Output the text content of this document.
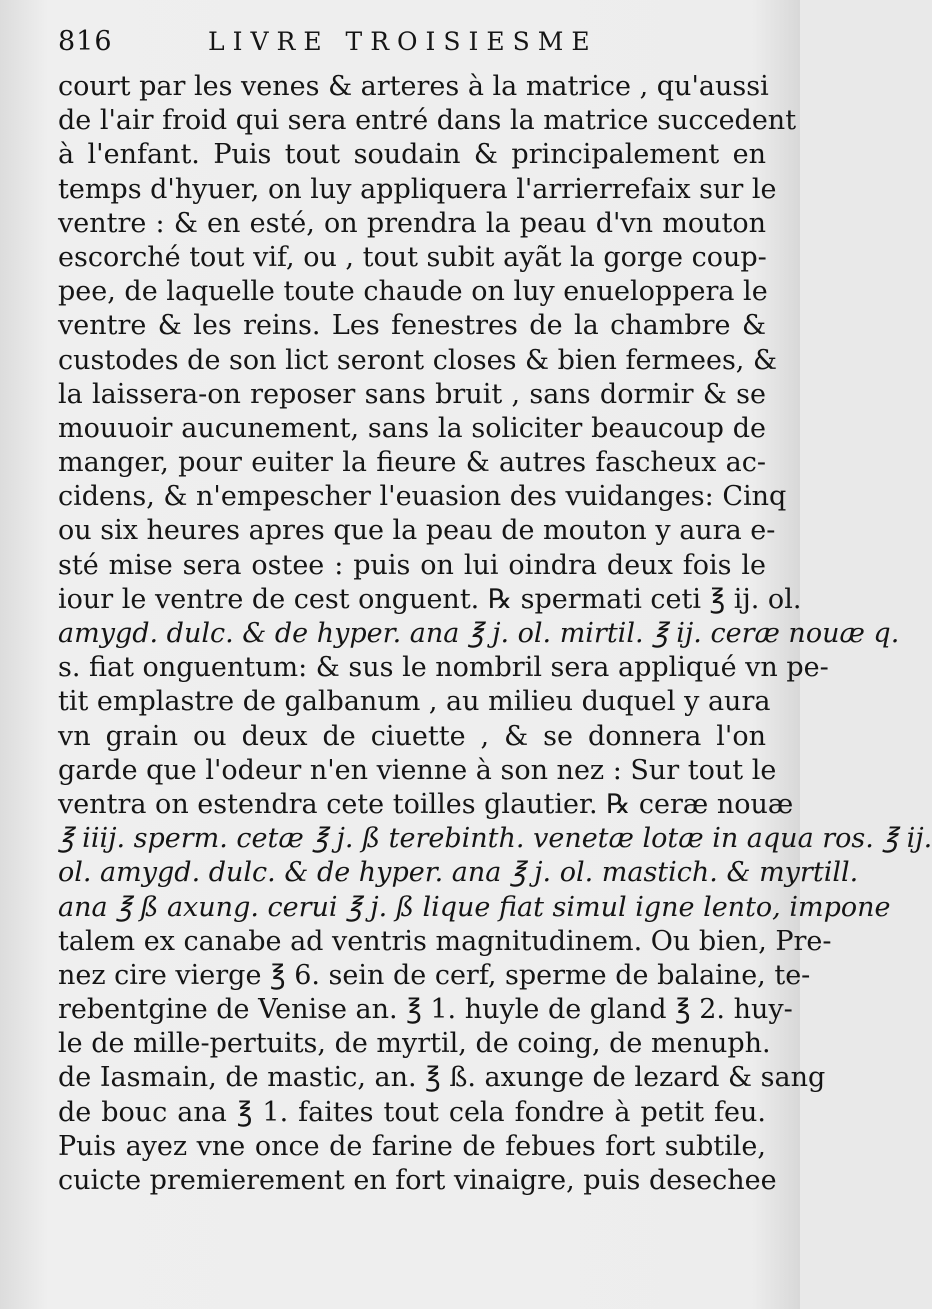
816	LIVRE TROISIESME
court par les venes & arteres à la matrice , qu'aussi
de l'air froid qui sera entré dans la matrice succedent
à l'enfant. Puis tout soudain & principalement en
temps d'hyuer, on luy appliquera l'arrierrefaix sur le
ventre : & en esté, on prendra la peau d'vn mouton
escorché tout vif, ou , tout subit ayãt la gorge coup-
pee, de laquelle toute chaude on luy enueloppera le
ventre & les reins. Les fenestres de la chambre &
custodes de son lict seront closes & bien fermees, &
la laissera-on reposer sans bruit , sans dormir & se
mouuoir aucunement, sans la soliciter beaucoup de
manger, pour euiter la fieure & autres fascheux ac-
cidens, & n'empescher l'euasion des vuidanges: Cinq
ou six heures apres que la peau de mouton y aura e-
sté mise sera ostee : puis on lui oindra deux fois le
iour le ventre de cest onguent. ℞ spermati ceti ℥ ij. ol.
amygd. dulc. & de hyper. ana ℥ j. ol. mirtil. ℥ ij. ceræ nouæ q.
s. fiat onguentum: & sus le nombril sera appliqué vn pe-
tit emplastre de galbanum , au milieu duquel y aura
vn grain ou deux de ciuette , & se donnera l'on
garde que l'odeur n'en vienne à son nez : Sur tout le
ventra on estendra cete toilles glautier. ℞ ceræ nouæ
℥ iiij. sperm. cetæ ℥ j. ß terebinth. venetæ lotæ in aqua ros. ℥ ij.
ol. amygd. dulc. & de hyper. ana ℥ j. ol. mastich. & myrtill.
ana ℥ ß axung. cerui ℥ j. ß lique fiat simul igne lento, impone
talem ex canabe ad ventris magnitudinem. Ou bien, Pre-
nez cire vierge ℥ 6. sein de cerf, sperme de balaine, te-
rebentgine de Venise an. ℥ 1. huyle de gland ℥ 2. huy-
le de mille-pertuits, de myrtil, de coing, de menuph.
de Iasmain, de mastic, an. ℥ ß. axunge de lezard & sang
de bouc ana ℥ 1. faites tout cela fondre à petit feu.
Puis ayez vne once de farine de febues fort subtile,
cuicte premierement en fort vinaigre, puis desechee
